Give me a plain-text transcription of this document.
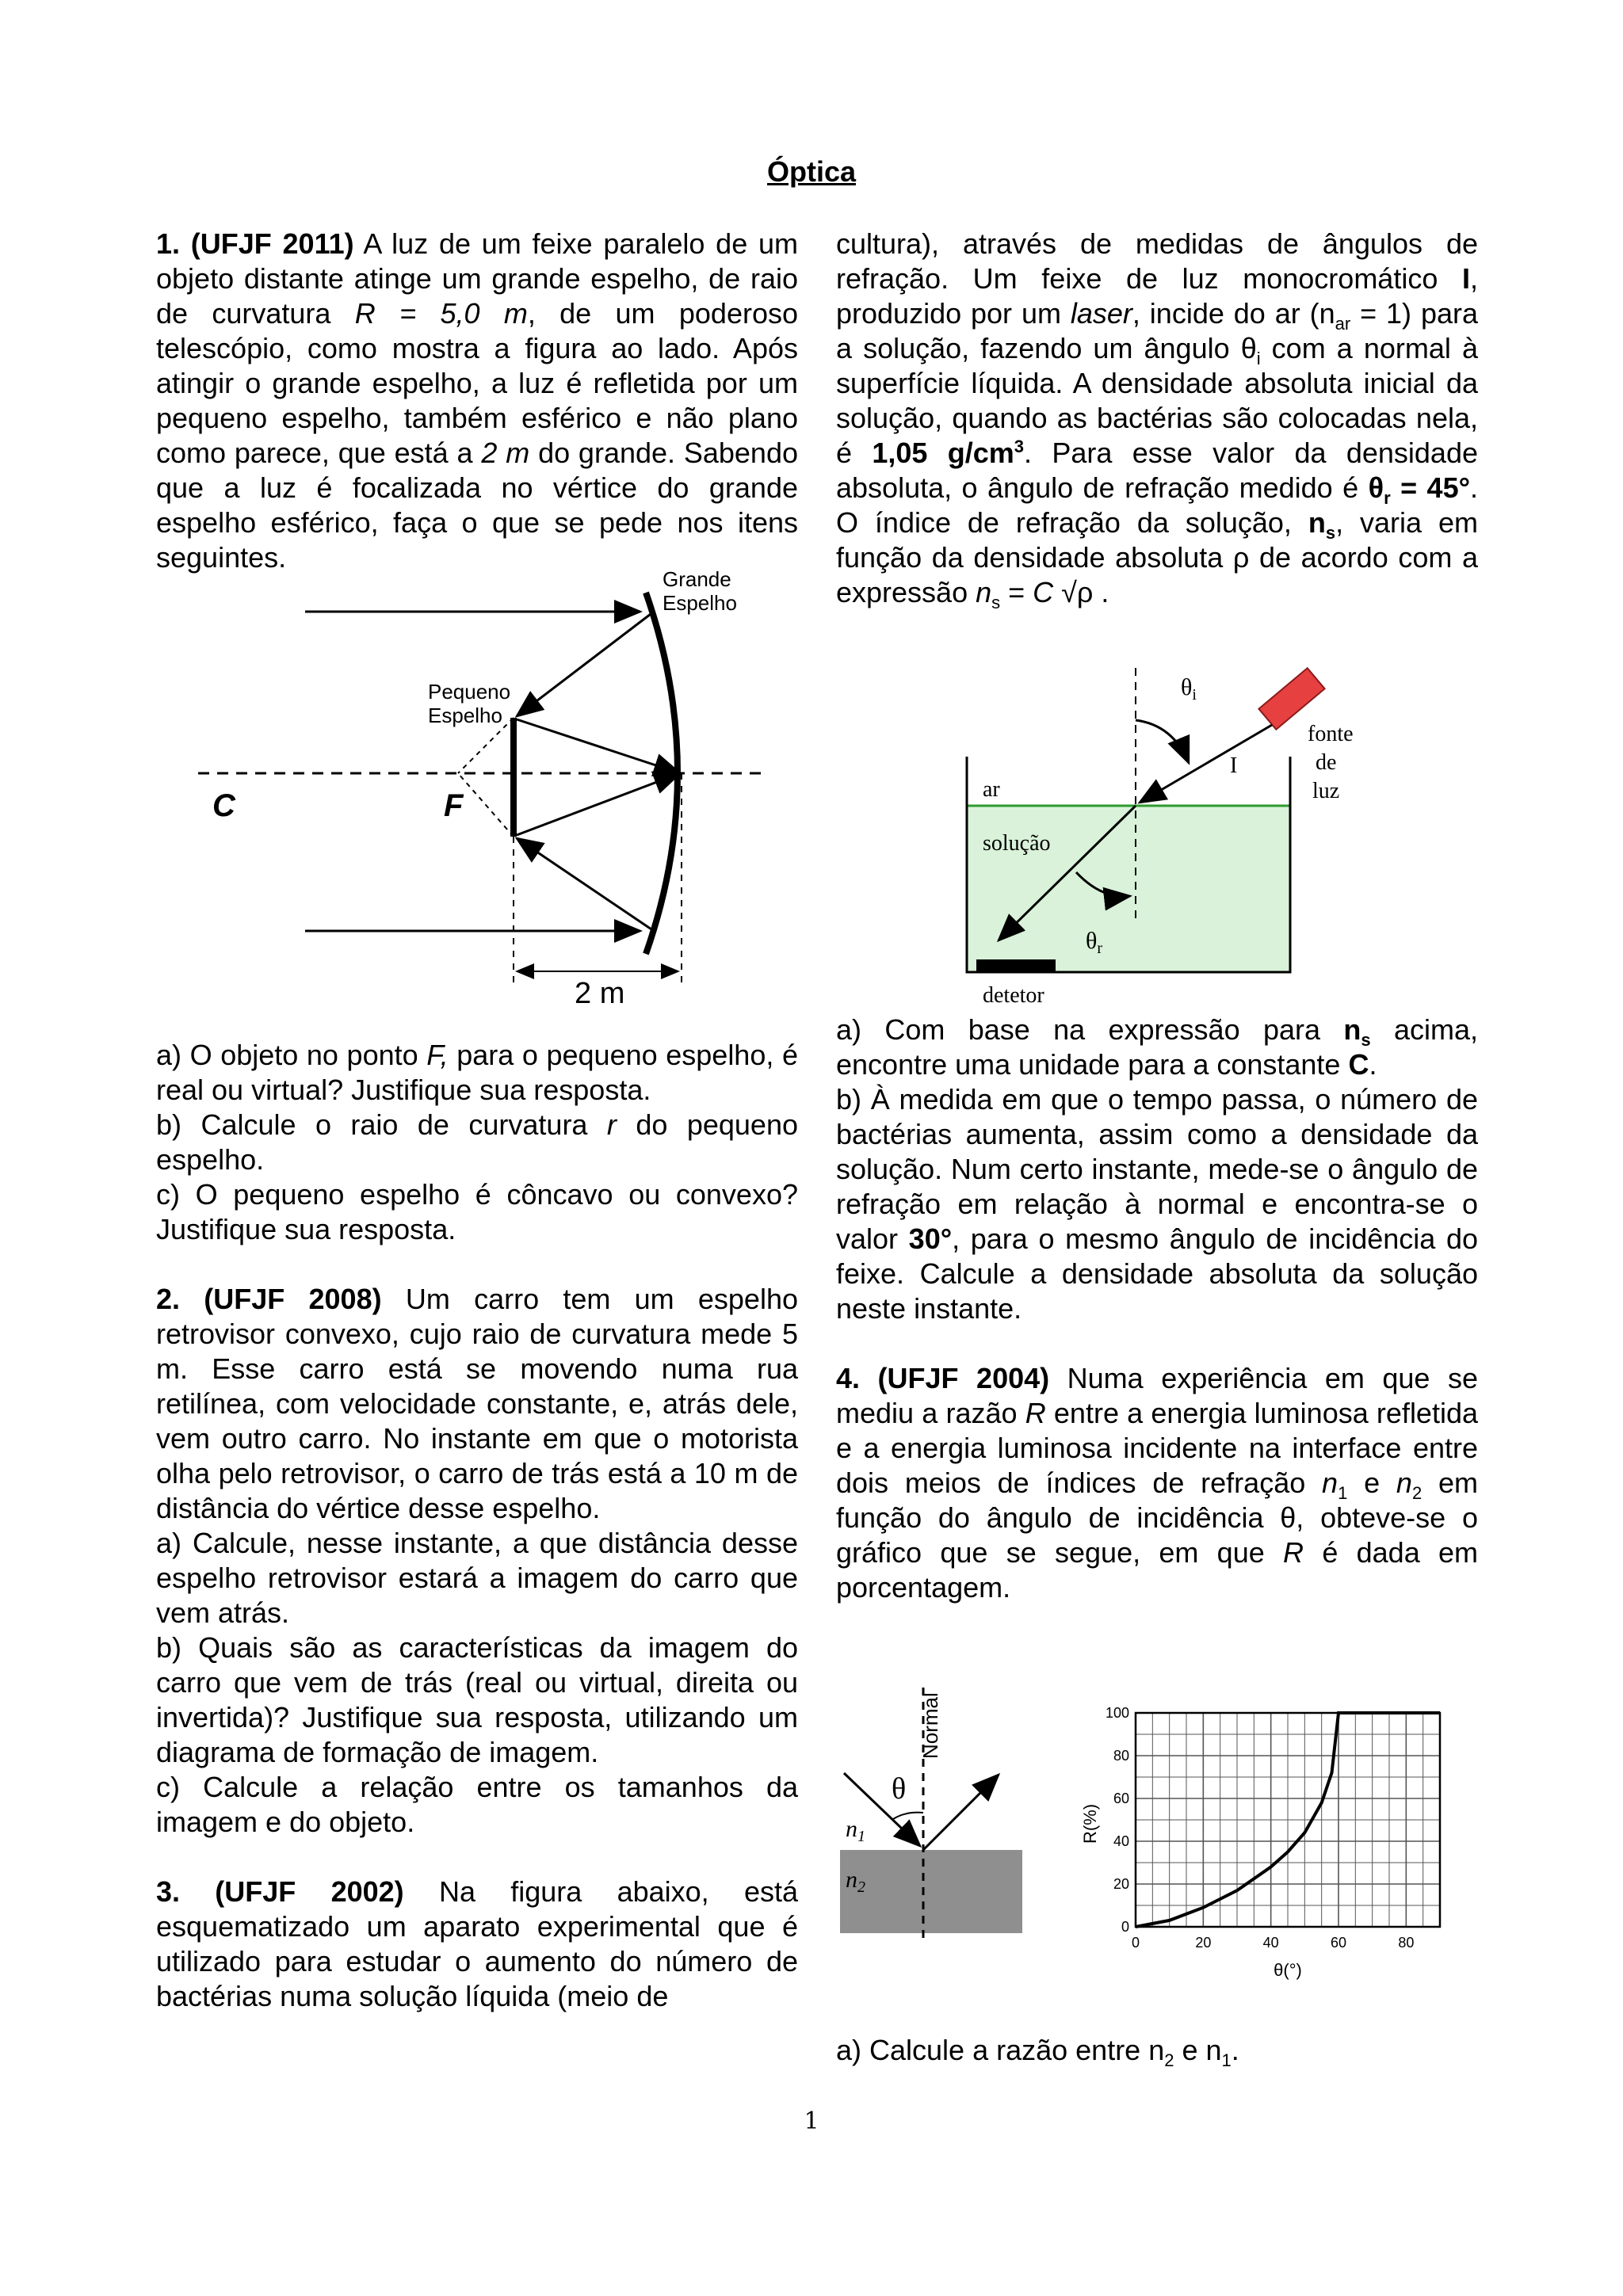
Óptica

1. (UFJF 2011) A luz de um feixe paralelo de um objeto distante atinge um grande espelho, de raio de curvatura R = 5,0 m, de um poderoso telescópio, como mostra a figura ao lado. Após atingir o grande espelho, a luz é refletida por um pequeno espelho, também esférico e não plano como parece, que está a 2 m do grande. Sabendo que a luz é focalizada no vértice do grande espelho esférico, faça o que se pede nos itens seguintes.

Grande
Espelho
Pequeno
Espelho
C	F
2 m

a) O objeto no ponto F, para o pequeno espelho, é real ou virtual? Justifique sua resposta.

b) Calcule o raio de curvatura r do pequeno espelho.

c) O pequeno espelho é côncavo ou convexo? Justifique sua resposta.

2. (UFJF 2008) Um carro tem um espelho retrovisor convexo, cujo raio de curvatura mede 5 m. Esse carro está se movendo numa rua retilínea, com velocidade constante, e, atrás dele, vem outro carro. No instante em que o motorista olha pelo retrovisor, o carro de trás está a 10 m de distância do vértice desse espelho.

a) Calcule, nesse instante, a que distância desse espelho retrovisor estará a imagem do carro que vem atrás.

b) Quais são as características da imagem do carro que vem de trás (real ou virtual, direita ou invertida)? Justifique sua resposta, utilizando um diagrama de formação de imagem.

c) Calcule a relação entre os tamanhos da imagem e do objeto.

3. (UFJF 2002) Na figura abaixo, está esquematizado um aparato experimental que é utilizado para estudar o aumento do número de bactérias numa solução líquida (meio de

cultura), através de medidas de ângulos de refração. Um feixe de luz monocromático I, produzido por um laser, incide do ar $(n_{ar} = 1)$ para a solução, fazendo um ângulo $\theta_i$ com a normal à superfície líquida. A densidade absoluta inicial da solução, quando as bactérias são colocadas nela, é 1,05 $g/cm^3$. Para esse valor da densidade absoluta, o ângulo de refração medido é $\theta_r = 45^\circ$. O índice de refração da solução, $n_s$, varia em função da densidade absoluta ρ de acordo com a expressão $n_s = C$ √ρ .

$\theta_i$
fonte
de
luz
I
ar
solução
$\theta_r$
detetor

a) Com base na expressão para $n_s$ acima, encontre uma unidade para a constante C.

b) À medida em que o tempo passa, o número de bactérias aumenta, assim como a densidade da solução. Num certo instante, mede-se o ângulo de refração em relação à normal e encontra-se o valor 30°, para o mesmo ângulo de incidência do feixe. Calcule a densidade absoluta da solução neste instante.

4. (UFJF 2004) Numa experiência em que se mediu a razão R entre a energia luminosa refletida e a energia luminosa incidente na interface entre dois meios de índices de refração $n_1$ e $n_2$ em função do ângulo de incidência θ, obteve-se o gráfico que se segue, em que R é dada em porcentagem.

θ
$n_1$
$n_2$
Normal
0	20	40	60	80
0
20
40
60
80
100
R(%)
θ(°)

a) Calcule a razão entre $n_2$ e $n_1$.

1
